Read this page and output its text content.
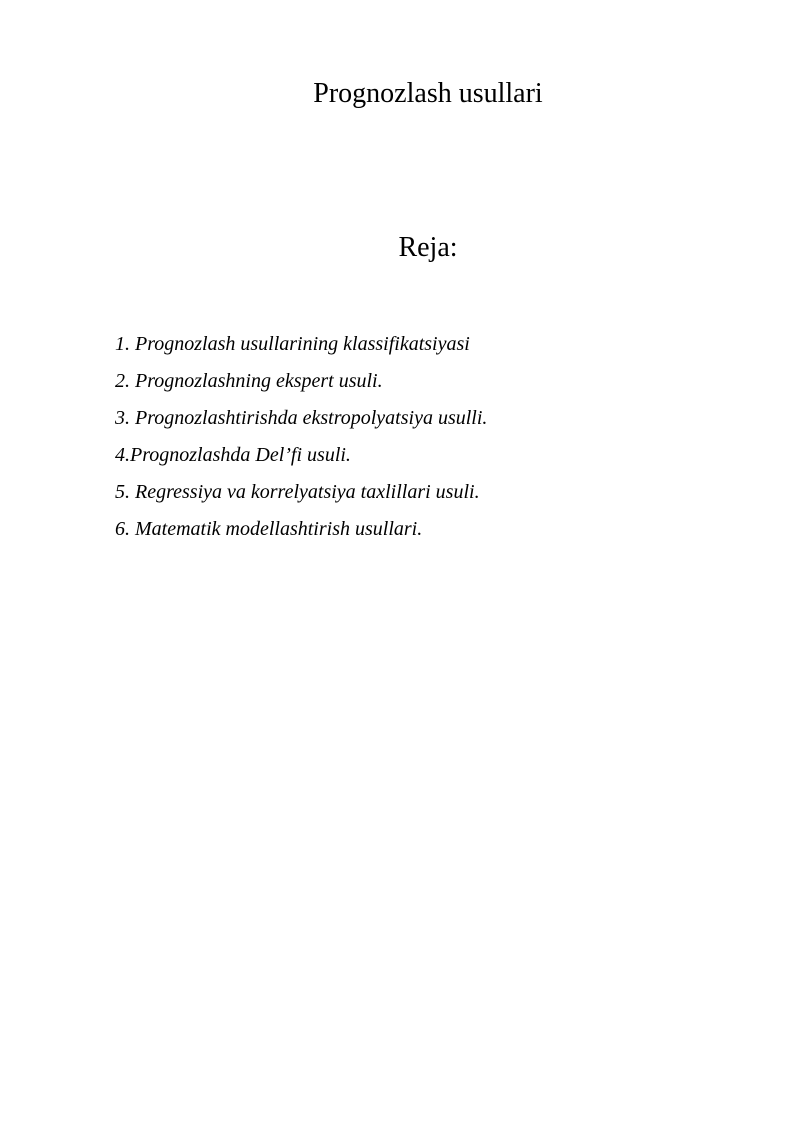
Prognozlash usullari
Reja:
1. Prognozlash usullarining klassifikatsiyasi
2. Prognozlashning ekspert usuli.
3. Prognozlashtirishda ekstropolyatsiya usulli.
4.Prognozlashda Del’fi usuli.
5. Regressiya va korrelyatsiya taxlillari usuli.
6. Matematik modellashtirish usullari.
